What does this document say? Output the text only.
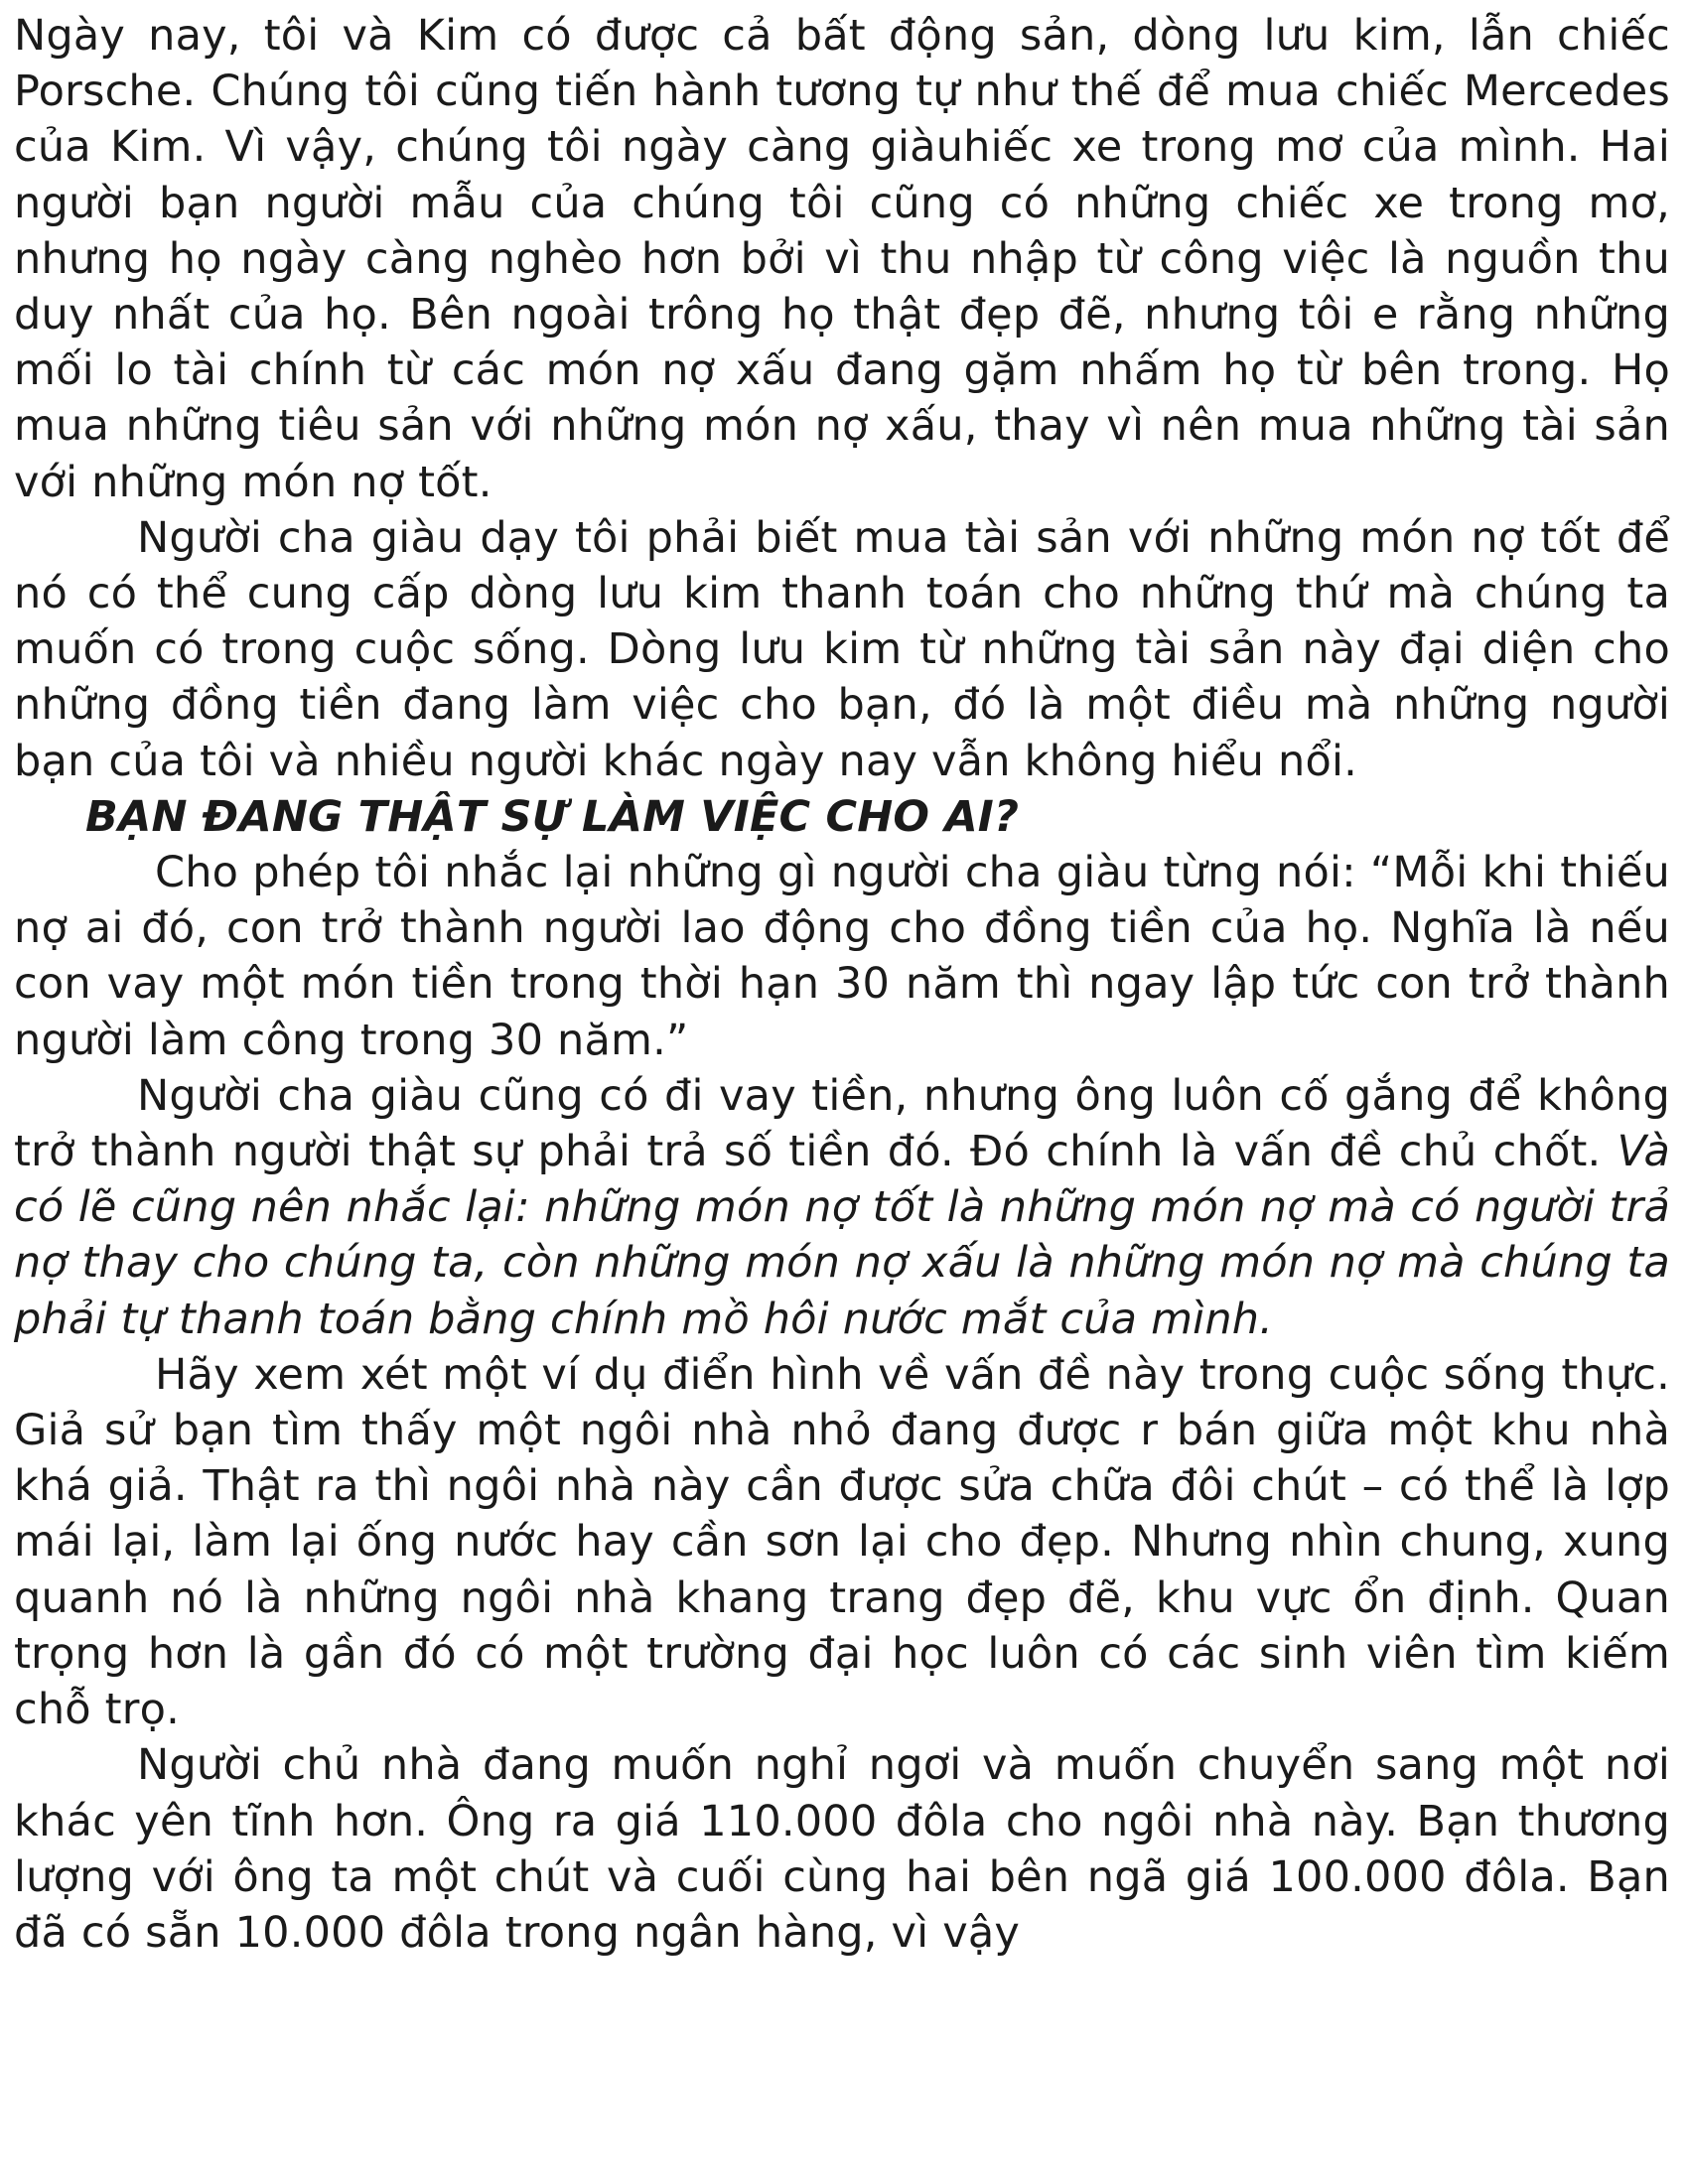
Ngày nay, tôi và Kim có được cả bất động sản, dòng lưu kim, lẫn chiếc Porsche. Chúng tôi cũng tiến hành tương tự như thế để mua chiếc Mercedes của Kim. Vì vậy, chúng tôi ngày càng giàuhiếc xe trong mơ của mình. Hai người bạn người mẫu của chúng tôi cũng có những chiếc xe trong mơ, nhưng họ ngày càng nghèo hơn bởi vì thu nhập từ công việc là nguồn thu duy nhất của họ. Bên ngoài trông họ thật đẹp đẽ, nhưng tôi e rằng những mối lo tài chính từ các món nợ xấu đang gặm nhấm họ từ bên trong. Họ mua những tiêu sản với những món nợ xấu, thay vì nên mua những tài sản với những món nợ tốt.

Người cha giàu dạy tôi phải biết mua tài sản với những món nợ tốt để nó có thể cung cấp dòng lưu kim thanh toán cho những thứ mà chúng ta muốn có trong cuộc sống. Dòng lưu kim từ những tài sản này đại diện cho những đồng tiền đang làm việc cho bạn, đó là một điều mà những người bạn của tôi và nhiều người khác ngày nay vẫn không hiểu nổi.

BẠN ĐANG THẬT SỰ LÀM VIỆC CHO AI?

Cho phép tôi nhắc lại những gì người cha giàu từng nói: “Mỗi khi thiếu nợ ai đó, con trở thành người lao động cho đồng tiền của họ. Nghĩa là nếu con vay một món tiền trong thời hạn 30 năm thì ngay lập tức con trở thành người làm công trong 30 năm.”

Người cha giàu cũng có đi vay tiền, nhưng ông luôn cố gắng để không trở thành người thật sự phải trả số tiền đó. Đó chính là vấn đề chủ chốt. Và có lẽ cũng nên nhắc lại: những món nợ tốt là những món nợ mà có người trả nợ thay cho chúng ta, còn những món nợ xấu là những món nợ mà chúng ta phải tự thanh toán bằng chính mồ hôi nước mắt của mình.

Hãy xem xét một ví dụ điển hình về vấn đề này trong cuộc sống thực. Giả sử bạn tìm thấy một ngôi nhà nhỏ đang được r bán giữa một khu nhà khá giả. Thật ra thì ngôi nhà này cần được sửa chữa đôi chút – có thể là lợp mái lại, làm lại ống nước hay cần sơn lại cho đẹp. Nhưng nhìn chung, xung quanh nó là những ngôi nhà khang trang đẹp đẽ, khu vực ổn định. Quan trọng hơn là gần đó có một trường đại học luôn có các sinh viên tìm kiếm chỗ trọ.

Người chủ nhà đang muốn nghỉ ngơi và muốn chuyển sang một nơi khác yên tĩnh hơn. Ông ra giá 110.000 đôla cho ngôi nhà này. Bạn thương lượng với ông ta một chút và cuối cùng hai bên ngã giá 100.000 đôla. Bạn đã có sẵn 10.000 đôla trong ngân hàng, vì vậy
